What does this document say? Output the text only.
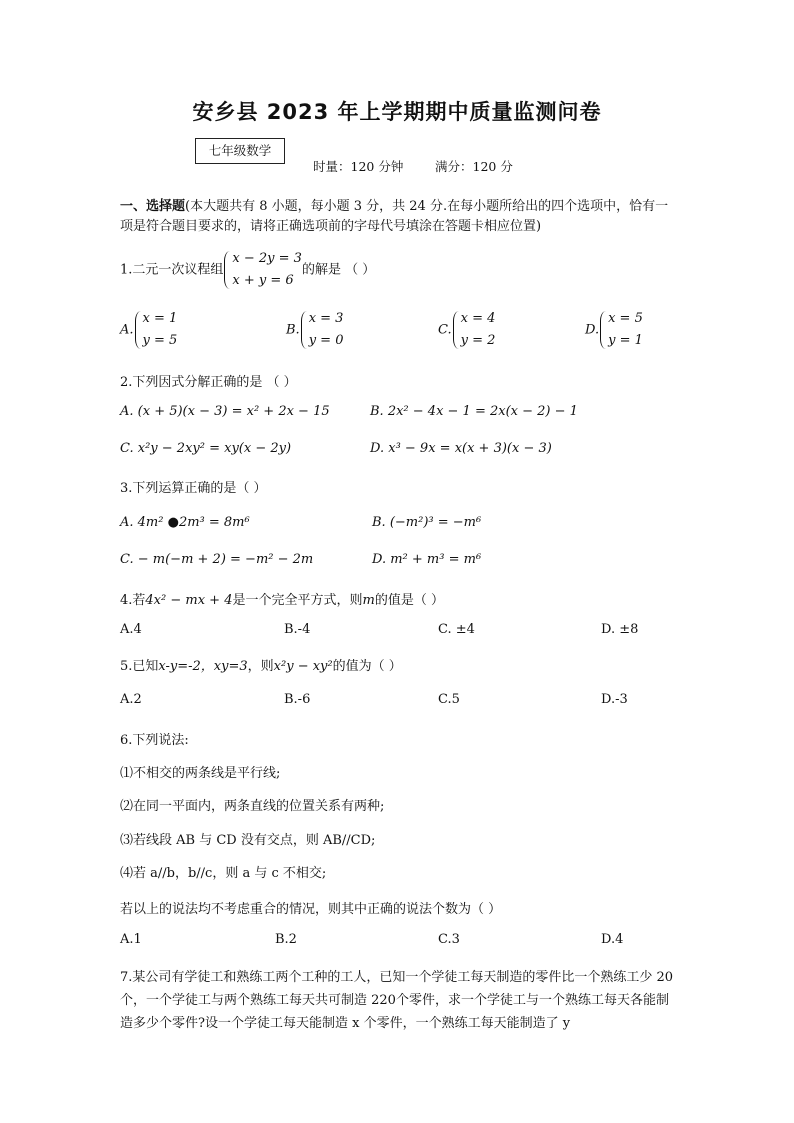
安乡县 2023 年上学期期中质量监测问卷
七年级数学
时量：120 分钟	满分：120 分
一、选择题(本大题共有 8 小题，每小题 3 分，共 24 分.在每小题所给出的四个选项中，恰有一 项是符合题目要求的，请将正确选项前的字母代号填涂在答题卡相应位置)
1.二元一次议程组
x − 2y = 3
x + y = 6
的解是 （ ）
A.
x = 1
y = 5
B.
x = 3
y = 0
C.
x = 4
y = 2
D.
x = 5
y = 1
2.下列因式分解正确的是 （ ）
A. (x + 5)(x − 3) = x² + 2x − 15	B. 2x² − 4x − 1 = 2x(x − 2) − 1
C. x²y − 2xy² = xy(x − 2y)	D. x³ − 9x = x(x + 3)(x − 3)
3.下列运算正确的是（ ）
A. 4m² ●2m³ = 8m⁶	B. (−m²)³ = −m⁶
C. − m(−m + 2) = −m² − 2m	D. m² + m³ = m⁶
4.若4x² − mx + 4是一个完全平方式，则m的值是（ ）
A.4	B.-4	C. ±4	D. ±8
5.已知x-y=-2，xy=3，则x²y − xy²的值为（ ）
A.2	B.-6	C.5	D.-3
6.下列说法:
⑴不相交的两条线是平行线;
⑵在同一平面内，两条直线的位置关系有两种;
⑶若线段 AB 与 CD 没有交点，则 AB//CD;
⑷若 a//b，b//c，则 a 与 c 不相交;
若以上的说法均不考虑重合的情况，则其中正确的说法个数为（ ）
A.1	B.2	C.3	D.4
7.某公司有学徒工和熟练工两个工种的工人，已知一个学徒工每天制造的零件比一个熟练工少 20个，一个学徒工与两个熟练工每天共可制造 220个零件，求一个学徒工与一个熟练工每天各能制造多少个零件?设一个学徒工每天能制造 x 个零件，一个熟练工每天能制造了 y
